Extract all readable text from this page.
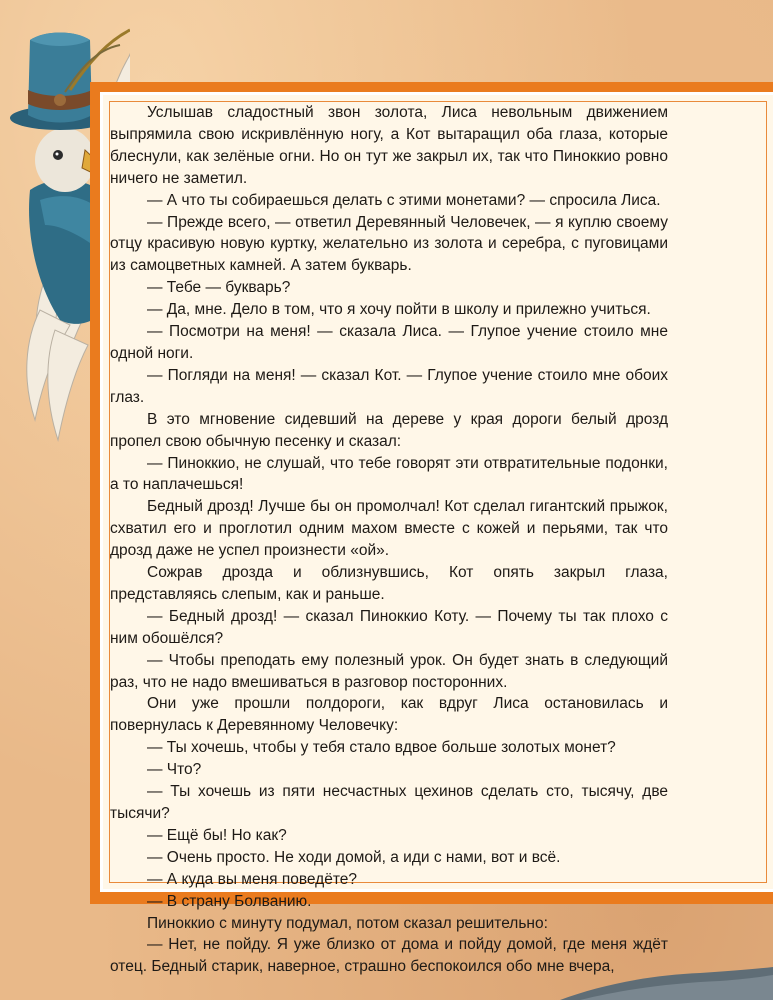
Услышав сладостный звон золота, Лиса невольным движением выпрямила свою искривлённую ногу, а Кот вытаращил оба глаза, которые блеснули, как зелёные огни. Но он тут же закрыл их, так что Пиноккио ровно ничего не заметил.

— А что ты собираешься делать с этими монетами? — спросила Лиса.

— Прежде всего, — ответил Деревянный Человечек, — я куплю своему отцу красивую новую куртку, желательно из золота и серебра, с пуговицами из самоцветных камней. А затем букварь.

— Тебе — букварь?

— Да, мне. Дело в том, что я хочу пойти в школу и прилежно учиться.

— Посмотри на меня! — сказала Лиса. — Глупое учение стоило мне одной ноги.

— Погляди на меня! — сказал Кот. — Глупое учение стоило мне обоих глаз.

В это мгновение сидевший на дереве у края дороги белый дрозд пропел свою обычную песенку и сказал:

— Пиноккио, не слушай, что тебе говорят эти отвратительные подонки, а то наплачешься!

Бедный дрозд! Лучше бы он промолчал! Кот сделал гигантский прыжок, схватил его и проглотил одним махом вместе с кожей и перьями, так что дрозд даже не успел произнести «ой».

Сожрав дрозда и облизнувшись, Кот опять закрыл глаза, представляясь слепым, как и раньше.

— Бедный дрозд! — сказал Пиноккио Коту. — Почему ты так плохо с ним обошёлся?

— Чтобы преподать ему полезный урок. Он будет знать в следующий раз, что не надо вмешиваться в разговор посторонних.

Они уже прошли полдороги, как вдруг Лиса остановилась и повернулась к Деревянному Человечку:

— Ты хочешь, чтобы у тебя стало вдвое больше золотых монет?

— Что?

— Ты хочешь из пяти несчастных цехинов сделать сто, тысячу, две тысячи?

— Ещё бы! Но как?

— Очень просто. Не ходи домой, а иди с нами, вот и всё.

— А куда вы меня поведёте?

— В страну Болванию.

Пиноккио с минуту подумал, потом сказал решительно:

— Нет, не пойду. Я уже близко от дома и пойду домой, где меня ждёт отец. Бедный старик, наверное, страшно беспокоился обо мне вчера,
